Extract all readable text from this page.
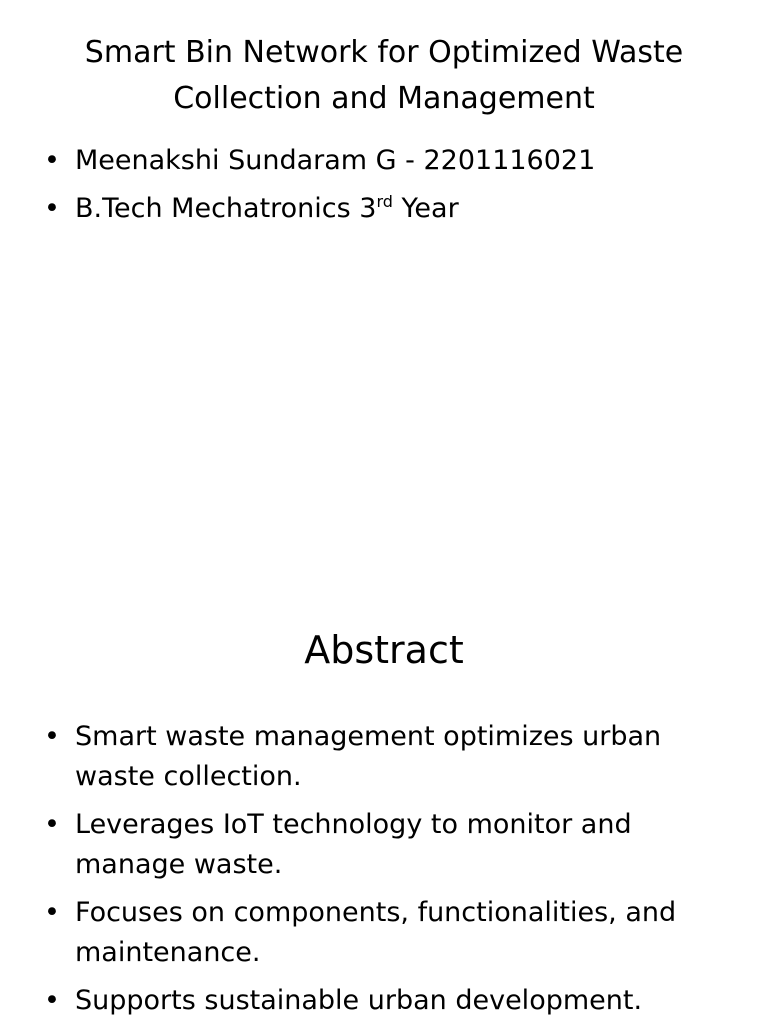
Smart Bin Network for Optimized Waste
Collection and Management
• Meenakshi Sundaram G - 2201116021
• B.Tech Mechatronics 3rd Year
Abstract
• Smart waste management optimizes urban
waste collection.
• Leverages IoT technology to monitor and
manage waste.
• Focuses on components, functionalities, and
maintenance.
• Supports sustainable urban development.
